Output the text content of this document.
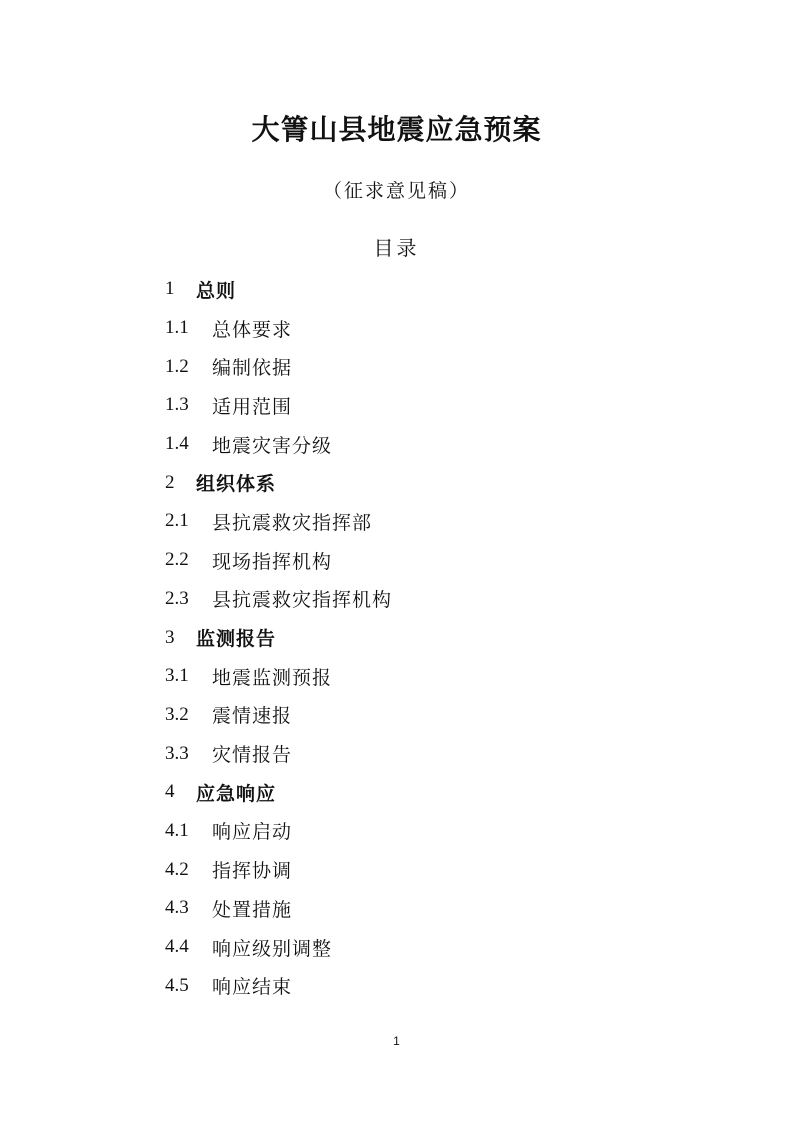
大箐山县地震应急预案
（征求意见稿）
目录
1	总则
1.1	总体要求
1.2	编制依据
1.3	适用范围
1.4	地震灾害分级
2	组织体系
2.1	县抗震救灾指挥部
2.2	现场指挥机构
2.3	县抗震救灾指挥机构
3	监测报告
3.1	地震监测预报
3.2	震情速报
3.3	灾情报告
4	应急响应
4.1	响应启动
4.2	指挥协调
4.3	处置措施
4.4	响应级别调整
4.5	响应结束
1
